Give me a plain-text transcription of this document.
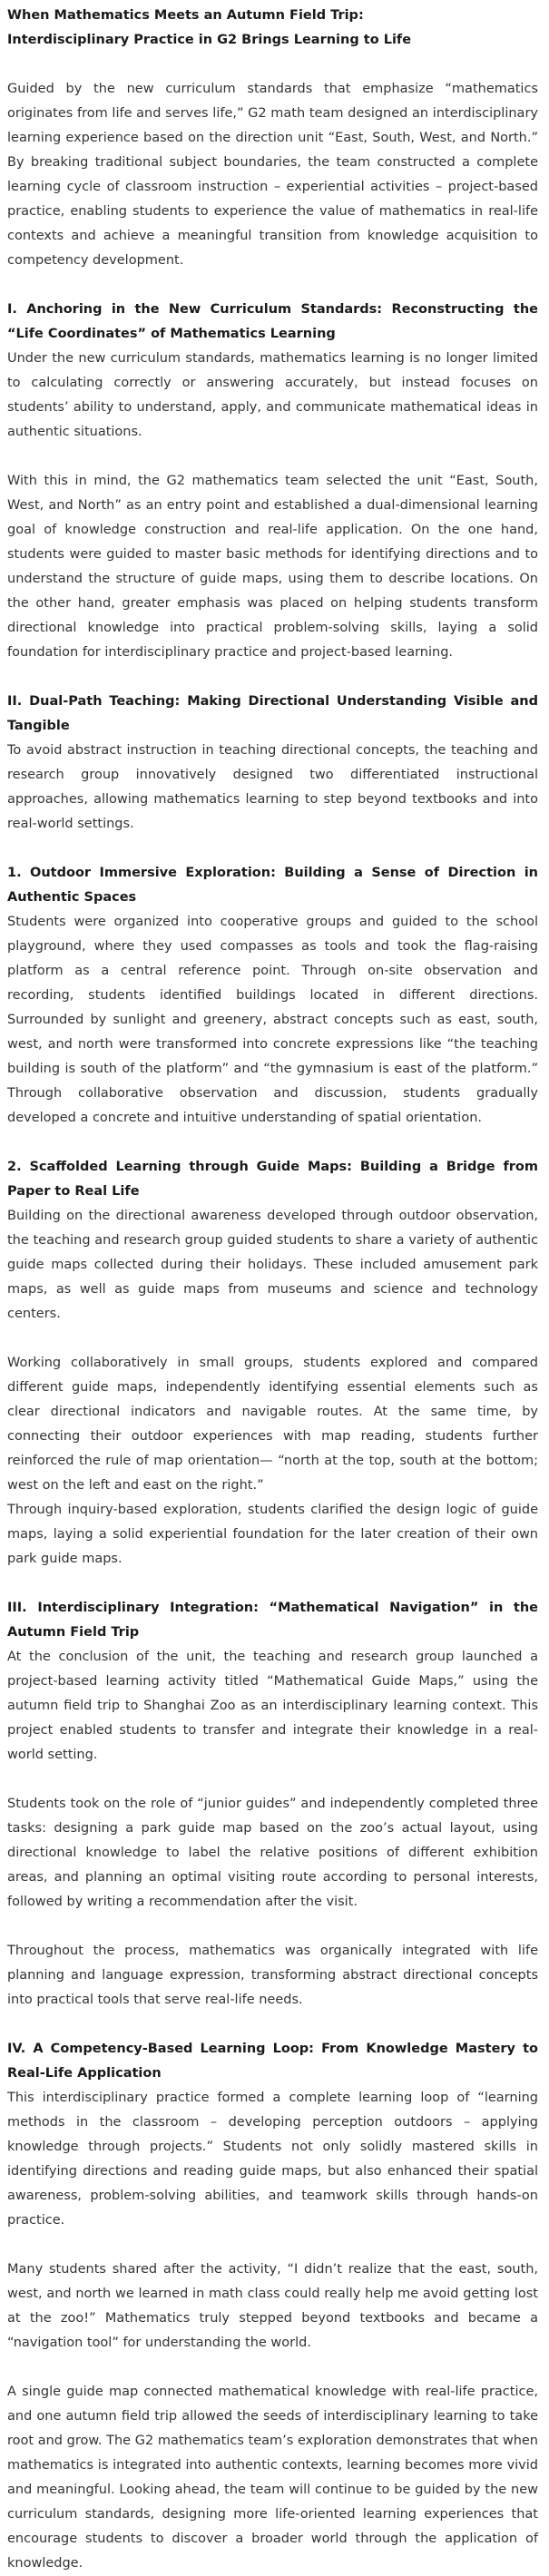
When Mathematics Meets an Autumn Field Trip:
Interdisciplinary Practice in G2 Brings Learning to Life
Guided by the new curriculum standards that emphasize “mathematics originates from life and serves life,” G2 math team designed an interdisciplinary learning experience based on the direction unit “East, South, West, and North.” By breaking traditional subject boundaries, the team constructed a complete learning cycle of classroom instruction – experiential activities – project-based practice, enabling students to experience the value of mathematics in real-life contexts and achieve a meaningful transition from knowledge acquisition to competency development.
I. Anchoring in the New Curriculum Standards: Reconstructing the “Life Coordinates” of Mathematics Learning
Under the new curriculum standards, mathematics learning is no longer limited to calculating correctly or answering accurately, but instead focuses on students’ ability to understand, apply, and communicate mathematical ideas in authentic situations.
With this in mind, the G2 mathematics team selected the unit “East, South, West, and North” as an entry point and established a dual-dimensional learning goal of knowledge construction and real-life application. On the one hand, students were guided to master basic methods for identifying directions and to understand the structure of guide maps, using them to describe locations. On the other hand, greater emphasis was placed on helping students transform directional knowledge into practical problem-solving skills, laying a solid foundation for interdisciplinary practice and project-based learning.
II. Dual-Path Teaching: Making Directional Understanding Visible and Tangible
To avoid abstract instruction in teaching directional concepts, the teaching and research group innovatively designed two differentiated instructional approaches, allowing mathematics learning to step beyond textbooks and into real-world settings.
1. Outdoor Immersive Exploration: Building a Sense of Direction in Authentic Spaces
Students were organized into cooperative groups and guided to the school playground, where they used compasses as tools and took the flag-raising platform as a central reference point. Through on-site observation and recording, students identified buildings located in different directions. Surrounded by sunlight and greenery, abstract concepts such as east, south, west, and north were transformed into concrete expressions like “the teaching building is south of the platform” and “the gymnasium is east of the platform.” Through collaborative observation and discussion, students gradually developed a concrete and intuitive understanding of spatial orientation.
2. Scaffolded Learning through Guide Maps: Building a Bridge from Paper to Real Life
Building on the directional awareness developed through outdoor observation, the teaching and research group guided students to share a variety of authentic guide maps collected during their holidays. These included amusement park maps, as well as guide maps from museums and science and technology centers.
Working collaboratively in small groups, students explored and compared different guide maps, independently identifying essential elements such as clear directional indicators and navigable routes. At the same time, by connecting their outdoor experiences with map reading, students further reinforced the rule of map orientation— “north at the top, south at the bottom; west on the left and east on the right.”
Through inquiry-based exploration, students clarified the design logic of guide maps, laying a solid experiential foundation for the later creation of their own park guide maps.
III. Interdisciplinary Integration: “Mathematical Navigation” in the Autumn Field Trip
At the conclusion of the unit, the teaching and research group launched a project-based learning activity titled “Mathematical Guide Maps,” using the autumn field trip to Shanghai Zoo as an interdisciplinary learning context. This project enabled students to transfer and integrate their knowledge in a real-world setting.
Students took on the role of “junior guides” and independently completed three tasks: designing a park guide map based on the zoo’s actual layout, using directional knowledge to label the relative positions of different exhibition areas, and planning an optimal visiting route according to personal interests, followed by writing a recommendation after the visit.
Throughout the process, mathematics was organically integrated with life planning and language expression, transforming abstract directional concepts into practical tools that serve real-life needs.
IV. A Competency-Based Learning Loop: From Knowledge Mastery to Real-Life Application
This interdisciplinary practice formed a complete learning loop of “learning methods in the classroom – developing perception outdoors – applying knowledge through projects.” Students not only solidly mastered skills in identifying directions and reading guide maps, but also enhanced their spatial awareness, problem-solving abilities, and teamwork skills through hands-on practice.
Many students shared after the activity, “I didn’t realize that the east, south, west, and north we learned in math class could really help me avoid getting lost at the zoo!” Mathematics truly stepped beyond textbooks and became a “navigation tool” for understanding the world.
A single guide map connected mathematical knowledge with real-life practice, and one autumn field trip allowed the seeds of interdisciplinary learning to take root and grow. The G2 mathematics team’s exploration demonstrates that when mathematics is integrated into authentic contexts, learning becomes more vivid and meaningful. Looking ahead, the team will continue to be guided by the new curriculum standards, designing more life-oriented learning experiences that encourage students to discover a broader world through the application of knowledge.
